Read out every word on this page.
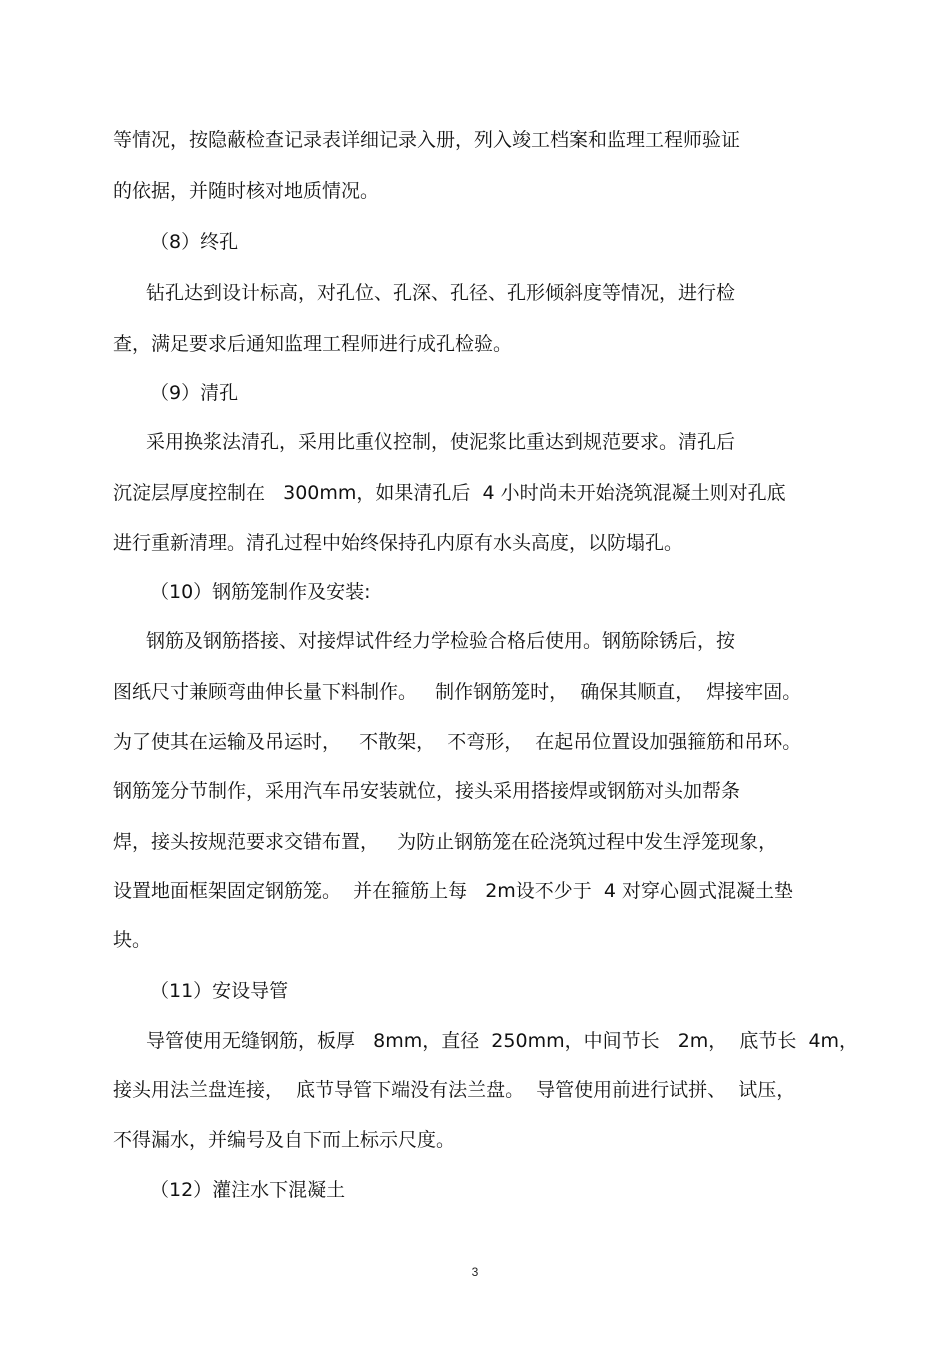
等情况，按隐蔽检查记录表详细记录入册，列入竣工档案和监理工程师验证

的依据，并随时核对地质情况。

（8）终孔

钻孔达到设计标高，对孔位、孔深、孔径、孔形倾斜度等情况，进行检

查，满足要求后通知监理工程师进行成孔检验。

（9）清孔

采用换浆法清孔，采用比重仪控制，使泥浆比重达到规范要求。清孔后

沉淀层厚度控制在   300mm，如果清孔后  4 小时尚未开始浇筑混凝土则对孔底

进行重新清理。清孔过程中始终保持孔内原有水头高度，以防塌孔。

（10）钢筋笼制作及安装:

钢筋及钢筋搭接、对接焊试件经力学检验合格后使用。钢筋除锈后，按

图纸尺寸兼顾弯曲伸长量下料制作。   制作钢筋笼时，  确保其顺直，  焊接牢固。

为了使其在运输及吊运时，   不散架，  不弯形，  在起吊位置设加强箍筋和吊环。

钢筋笼分节制作，采用汽车吊安装就位，接头采用搭接焊或钢筋对头加帮条

焊，接头按规范要求交错布置，   为防止钢筋笼在砼浇筑过程中发生浮笼现象，

设置地面框架固定钢筋笼。  并在箍筋上每   2m设不少于  4 对穿心圆式混凝土垫

块。

（11）安设导管

导管使用无缝钢筋，板厚   8mm，直径  250mm，中间节长   2m，  底节长  4m，

接头用法兰盘连接，  底节导管下端没有法兰盘。  导管使用前进行试拼、  试压，

不得漏水，并编号及自下而上标示尺度。

（12）灌注水下混凝土

3
